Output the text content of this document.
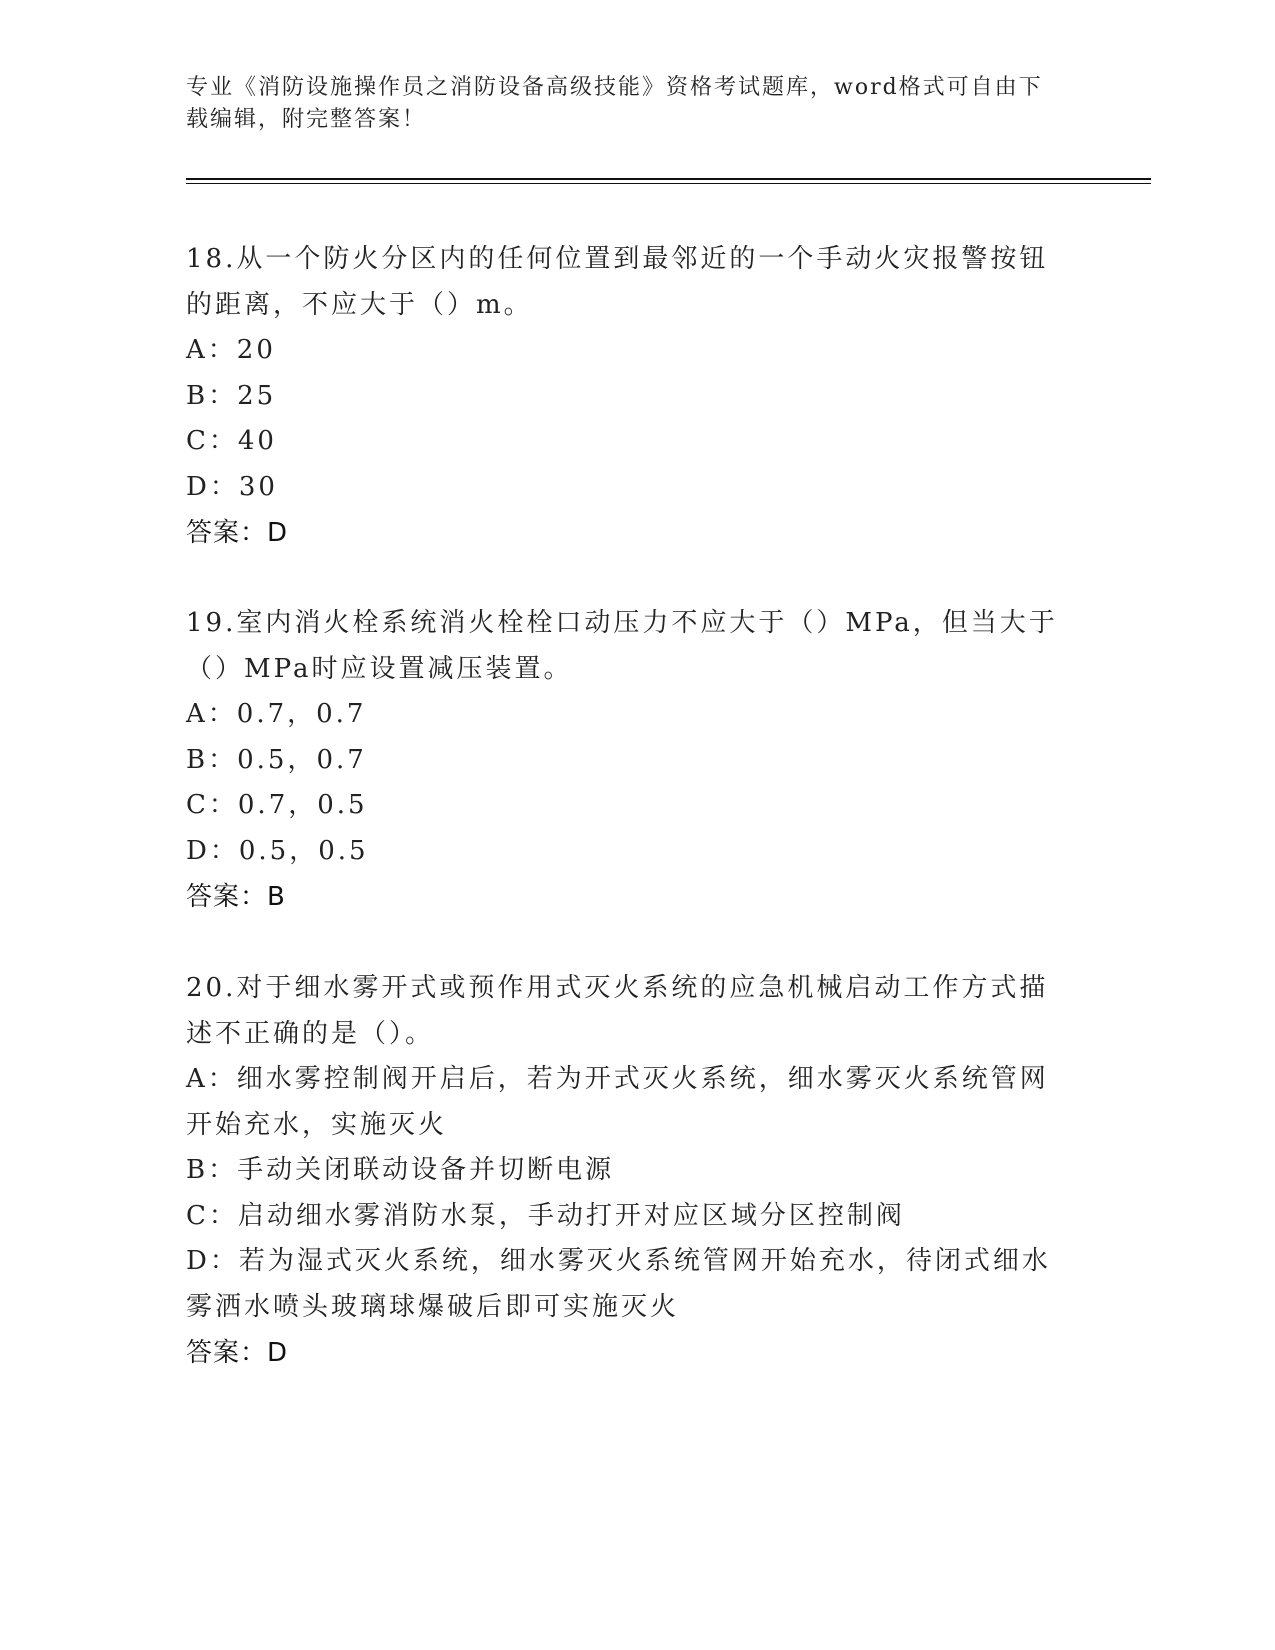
专业《消防设施操作员之消防设备高级技能》资格考试题库，word格式可自由下载编辑，附完整答案！
18.从一个防火分区内的任何位置到最邻近的一个手动火灾报警按钮的距离，不应大于（）m。
A：20
B：25
C：40
D：30
答案：D
19.室内消火栓系统消火栓栓口动压力不应大于（）MPa，但当大于（）MPa时应设置减压装置。
A：0.7，0.7
B：0.5，0.7
C：0.7，0.5
D：0.5，0.5
答案：B
20.对于细水雾开式或预作用式灭火系统的应急机械启动工作方式描述不正确的是（）。
A：细水雾控制阀开启后，若为开式灭火系统，细水雾灭火系统管网开始充水，实施灭火
B：手动关闭联动设备并切断电源
C：启动细水雾消防水泵，手动打开对应区域分区控制阀
D：若为湿式灭火系统，细水雾灭火系统管网开始充水，待闭式细水雾洒水喷头玻璃球爆破后即可实施灭火
答案：D
